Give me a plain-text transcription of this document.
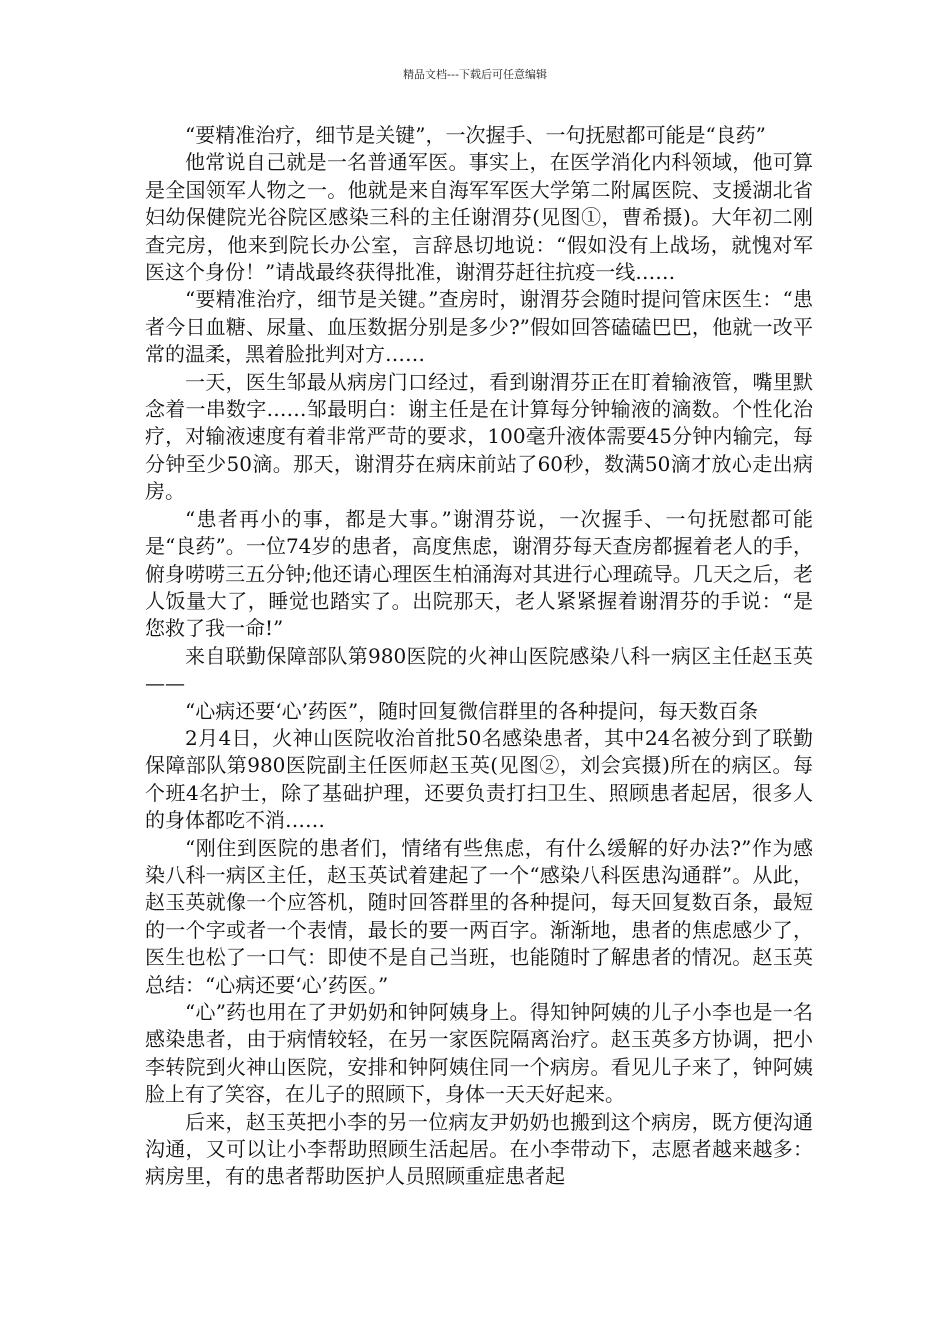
精品文档---下载后可任意编辑

“要精准治疗，细节是关键”，一次握手、一句抚慰都可能是“良药”

他常说自己就是一名普通军医。事实上，在医学消化内科领域，他可算是全国领军人物之一。他就是来自海军军医大学第二附属医院、支援湖北省妇幼保健院光谷院区感染三科的主任谢渭芬(见图①，曹希摄)。大年初二刚查完房，他来到院长办公室，言辞恳切地说：“假如没有上战场，就愧对军医这个身份！”请战最终获得批准，谢渭芬赶往抗疫一线……

“要精准治疗，细节是关键。”查房时，谢渭芬会随时提问管床医生：“患者今日血糖、尿量、血压数据分别是多少?”假如回答磕磕巴巴，他就一改平常的温柔，黑着脸批判对方……

一天，医生邹最从病房门口经过，看到谢渭芬正在盯着输液管，嘴里默念着一串数字……邹最明白：谢主任是在计算每分钟输液的滴数。个性化治疗，对输液速度有着非常严苛的要求，100毫升液体需要45分钟内输完，每分钟至少50滴。那天，谢渭芬在病床前站了60秒，数满50滴才放心走出病房。

“患者再小的事，都是大事。”谢渭芬说，一次握手、一句抚慰都可能是“良药”。一位74岁的患者，高度焦虑，谢渭芬每天查房都握着老人的手，俯身唠唠三五分钟;他还请心理医生柏涌海对其进行心理疏导。几天之后，老人饭量大了，睡觉也踏实了。出院那天，老人紧紧握着谢渭芬的手说：“是您救了我一命!”

来自联勤保障部队第980医院的火神山医院感染八科一病区主任赵玉英——

“心病还要‘心’药医”，随时回复微信群里的各种提问，每天数百条

2月4日，火神山医院收治首批50名感染患者，其中24名被分到了联勤保障部队第980医院副主任医师赵玉英(见图②，刘会宾摄)所在的病区。每个班4名护士，除了基础护理，还要负责打扫卫生、照顾患者起居，很多人的身体都吃不消……

“刚住到医院的患者们，情绪有些焦虑，有什么缓解的好办法?”作为感染八科一病区主任，赵玉英试着建起了一个“感染八科医患沟通群”。从此，赵玉英就像一个应答机，随时回答群里的各种提问，每天回复数百条，最短的一个字或者一个表情，最长的要一两百字。渐渐地，患者的焦虑感少了，医生也松了一口气：即使不是自己当班，也能随时了解患者的情况。赵玉英总结：“心病还要‘心’药医。”

“心”药也用在了尹奶奶和钟阿姨身上。得知钟阿姨的儿子小李也是一名感染患者，由于病情较轻，在另一家医院隔离治疗。赵玉英多方协调，把小李转院到火神山医院，安排和钟阿姨住同一个病房。看见儿子来了，钟阿姨脸上有了笑容，在儿子的照顾下，身体一天天好起来。

后来，赵玉英把小李的另一位病友尹奶奶也搬到这个病房，既方便沟通沟通，又可以让小李帮助照顾生活起居。在小李带动下，志愿者越来越多：病房里，有的患者帮助医护人员照顾重症患者起
